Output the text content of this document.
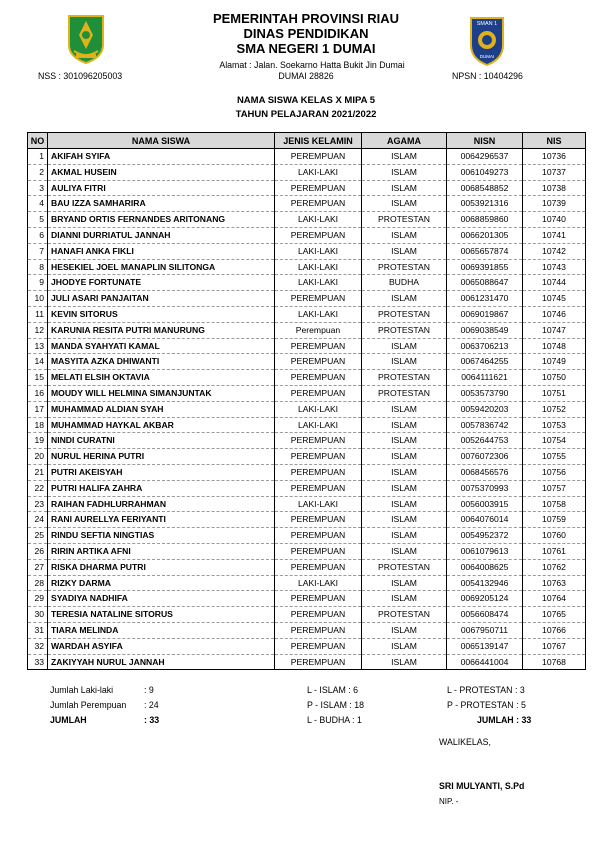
SMAN 1
DUMAI
PEMERINTAH PROVINSI RIAU
DINAS PENDIDIKAN
SMA NEGERI 1 DUMAI
Alamat : Jalan. Soekarno Hatta Bukit Jin Dumai
DUMAI 28826
NSS : 301096205003	NPSN : 10404296
NAMA SISWA KELAS X MIPA 5
TAHUN PELAJARAN 2021/2022
NO	NAMA SISWA	JENIS KELAMIN	AGAMA	NISN	NIS
1	AKIFAH SYIFA	PEREMPUAN	ISLAM	0064296537	10736
2	AKMAL HUSEIN	LAKI-LAKI	ISLAM	0061049273	10737
3	AULIYA FITRI	PEREMPUAN	ISLAM	0068548852	10738
4	BAU IZZA SAMHARIRA	PEREMPUAN	ISLAM	0053921316	10739
5	BRYAND ORTIS FERNANDES ARITONANG	LAKI-LAKI	PROTESTAN	0068859860	10740
6	DIANNI DURRIATUL JANNAH	PEREMPUAN	ISLAM	0066201305	10741
7	HANAFI ANKA FIKLI	LAKI-LAKI	ISLAM	0065657874	10742
8	HESEKIEL JOEL MANAPLIN SILITONGA	LAKI-LAKI	PROTESTAN	0069391855	10743
9	JHODYE FORTUNATE	LAKI-LAKI	BUDHA	0065088647	10744
10	JULI ASARI PANJAITAN	PEREMPUAN	ISLAM	0061231470	10745
11	KEVIN SITORUS	LAKI-LAKI	PROTESTAN	0069019867	10746
12	KARUNIA RESITA PUTRI MANURUNG	Perempuan	PROTESTAN	0069038549	10747
13	MANDA SYAHYATI KAMAL	PEREMPUAN	ISLAM	0063706213	10748
14	MASYITA AZKA DHIWANTI	PEREMPUAN	ISLAM	0067464255	10749
15	MELATI ELSIH OKTAVIA	PEREMPUAN	PROTESTAN	0064111621	10750
16	MOUDY WILL HELMINA SIMANJUNTAK	PEREMPUAN	PROTESTAN	0053573790	10751
17	MUHAMMAD ALDIAN SYAH	LAKI-LAKI	ISLAM	0059420203	10752
18	MUHAMMAD HAYKAL AKBAR	LAKI-LAKI	ISLAM	0057836742	10753
19	NINDI CURATNI	PEREMPUAN	ISLAM	0052644753	10754
20	NURUL HERINA PUTRI	PEREMPUAN	ISLAM	0076072306	10755
21	PUTRI AKEISYAH	PEREMPUAN	ISLAM	0068456576	10756
22	PUTRI HALIFA ZAHRA	PEREMPUAN	ISLAM	0075370993	10757
23	RAIHAN FADHLURRAHMAN	LAKI-LAKI	ISLAM	0056003915	10758
24	RANI AURELLYA FERIYANTI	PEREMPUAN	ISLAM	0064076014	10759
25	RINDU SEFTIA NINGTIAS	PEREMPUAN	ISLAM	0054952372	10760
26	RIRIN ARTIKA AFNI	PEREMPUAN	ISLAM	0061079613	10761
27	RISKA DHARMA PUTRI	PEREMPUAN	PROTESTAN	0064008625	10762
28	RIZKY DARMA	LAKI-LAKI	ISLAM	0054132946	10763
29	SYADIYA NADHIFA	PEREMPUAN	ISLAM	0069205124	10764
30	TERESIA NATALINE SITORUS	PEREMPUAN	PROTESTAN	0056608474	10765
31	TIARA MELINDA	PEREMPUAN	ISLAM	0067950711	10766
32	WARDAH ASYIFA	PEREMPUAN	ISLAM	0065139147	10767
33	ZAKIYYAH NURUL JANNAH	PEREMPUAN	ISLAM	0066441004	10768
Jumlah Laki-laki	: 9
Jumlah Perempuan : 24
JUMLAH	: 33
L - ISLAM : 6
P - ISLAM : 18
L - BUDHA : 1
L - PROTESTAN : 3
P - PROTESTAN : 5
JUMLAH : 33
WALIKELAS,
SRI MULYANTI, S.Pd
NIP. -
